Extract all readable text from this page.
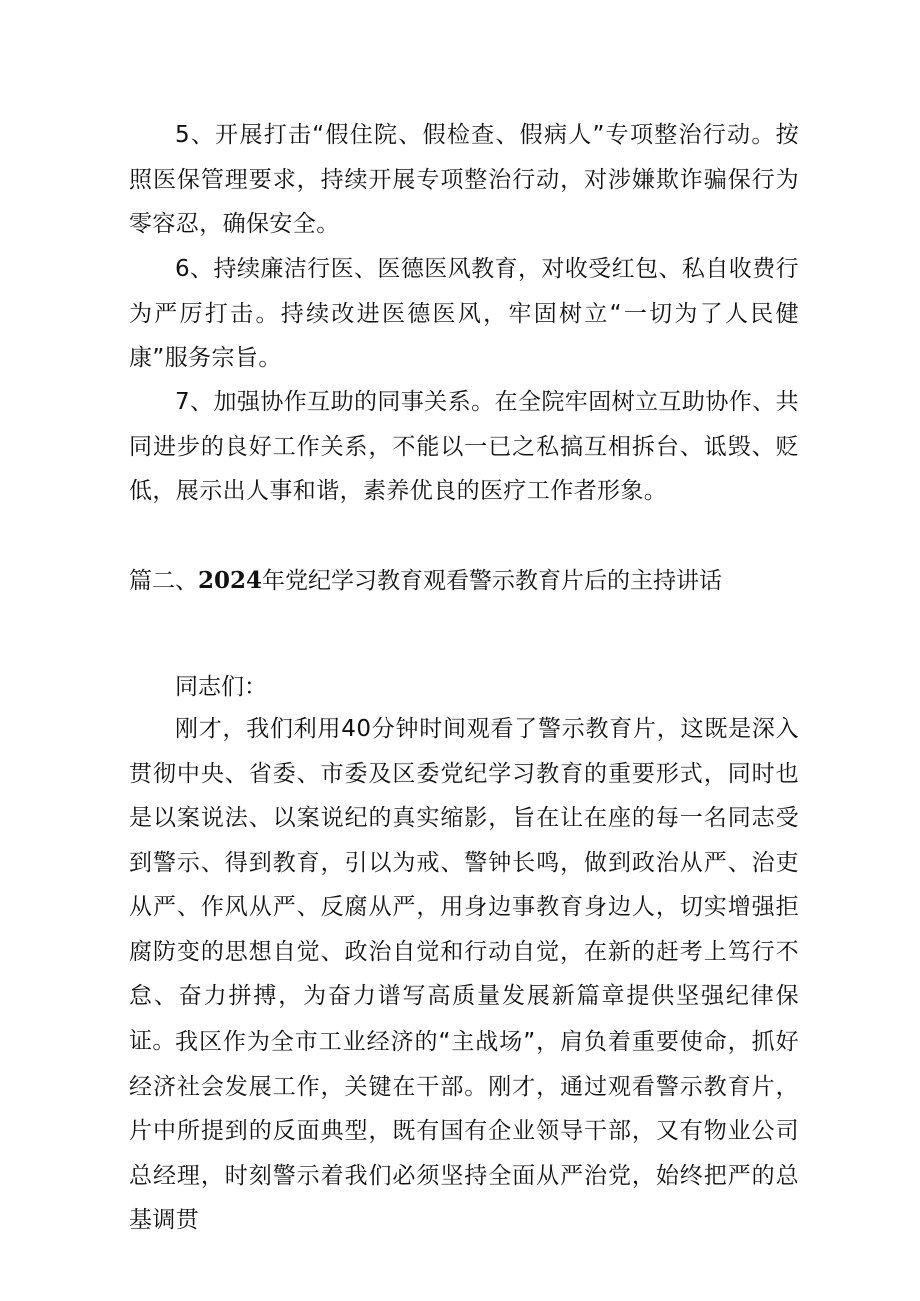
5、开展打击“假住院、假检查、假病人”专项整治行动。按照医保管理要求，持续开展专项整治行动，对涉嫌欺诈骗保行为零容忍，确保安全。

6、持续廉洁行医、医德医风教育，对收受红包、私自收费行为严厉打击。持续改进医德医风，牢固树立“一切为了人民健康”服务宗旨。

7、加强协作互助的同事关系。在全院牢固树立互助协作、共同进步的良好工作关系，不能以一已之私搞互相拆台、诋毁、贬低，展示出人事和谐，素养优良的医疗工作者形象。

篇二、2024年党纪学习教育观看警示教育片后的主持讲话

同志们：

刚才，我们利用40分钟时间观看了警示教育片，这既是深入贯彻中央、省委、市委及区委党纪学习教育的重要形式，同时也是以案说法、以案说纪的真实缩影，旨在让在座的每一名同志受到警示、得到教育，引以为戒、警钟长鸣，做到政治从严、治吏从严、作风从严、反腐从严，用身边事教育身边人，切实增强拒腐防变的思想自觉、政治自觉和行动自觉，在新的赶考上笃行不怠、奋力拼搏，为奋力谱写高质量发展新篇章提供坚强纪律保证。 我区作为全市工业经济的“主战场”，肩负着重要使命，抓好经济社会发展工作，关键在干部。刚才，通过观看警示教育片，片中所提到的反面典型，既有国有企业领导干部，又有物业公司总经理，时刻警示着我们必须坚持全面从严治党，始终把严的总基调贯
